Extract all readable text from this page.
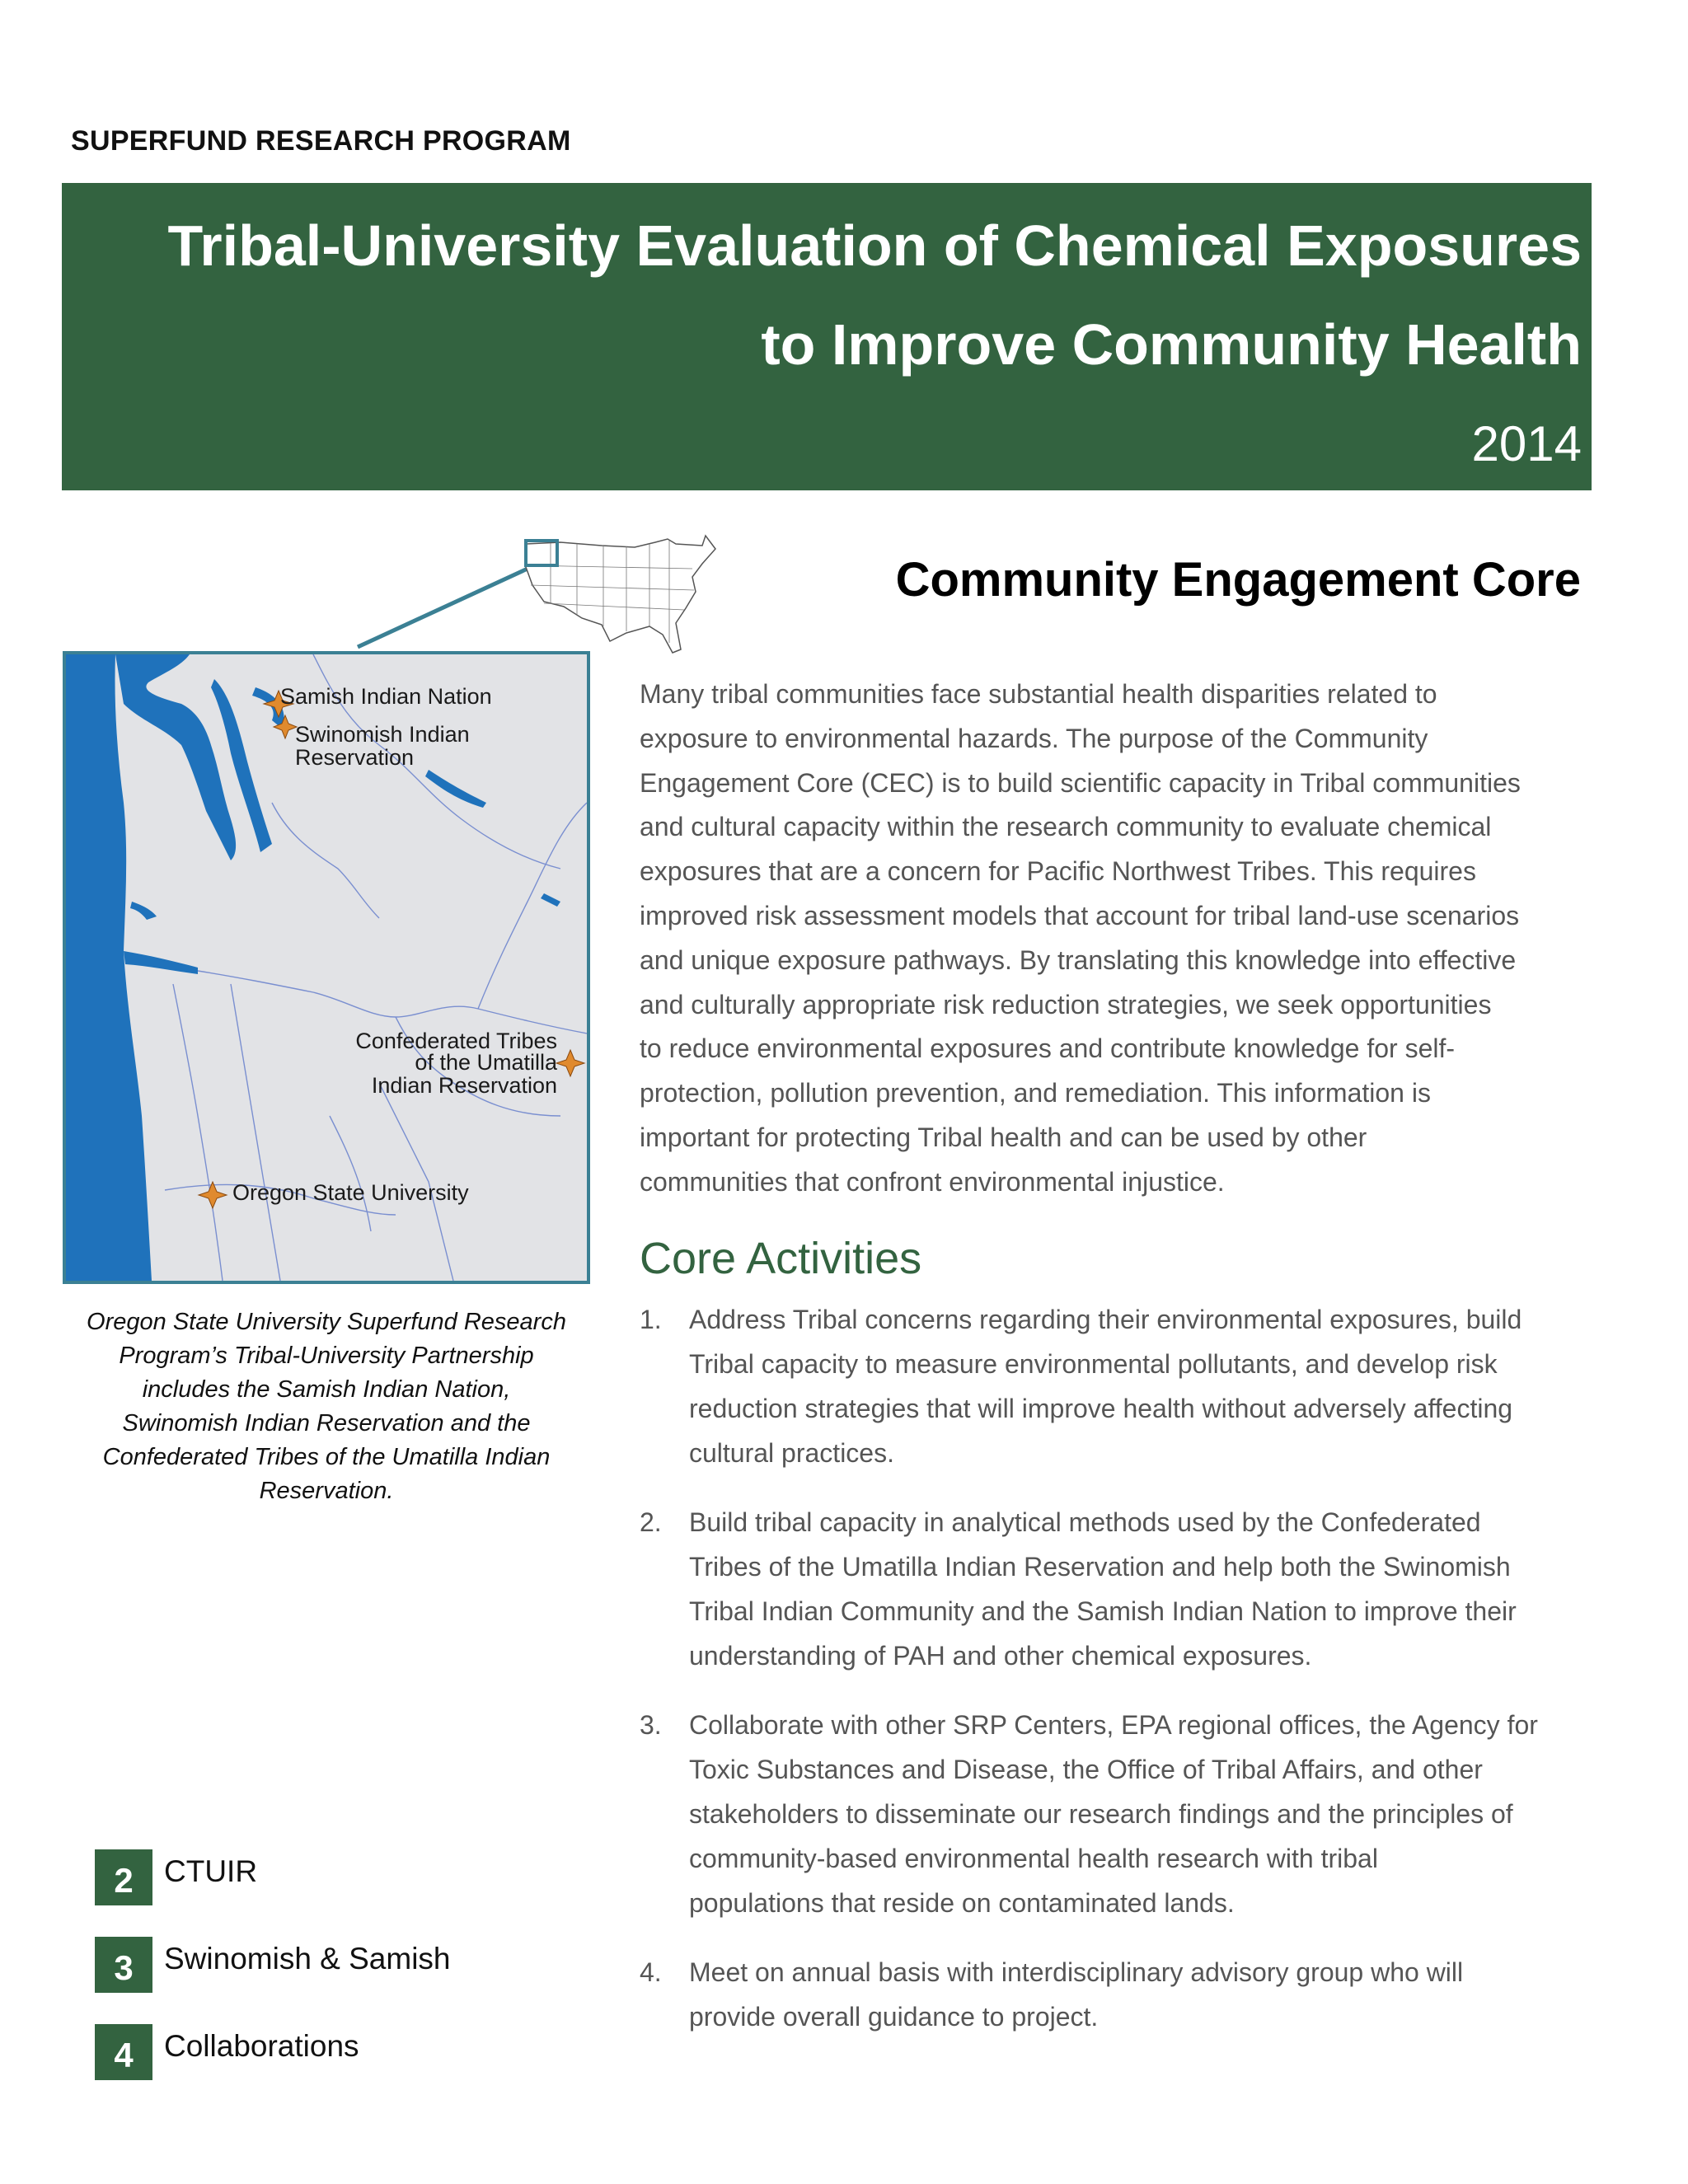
SUPERFUND RESEARCH PROGRAM
Tribal-University Evaluation of Chemical Exposures
to Improve Community Health
2014
Samish Indian Nation
Swinomish Indian
Reservation
Confederated Tribes
of the Umatilla
Indian Reservation
Oregon State University
Oregon State University Superfund Research
Program’s Tribal-University Partnership
includes the Samish Indian Nation,
Swinomish Indian Reservation and the
Confederated Tribes of the Umatilla Indian
Reservation.
Community Engagement Core
Many tribal communities face substantial health disparities related to
exposure to environmental hazards. The purpose of the Community
Engagement Core (CEC) is to build scientific capacity in Tribal communities
and cultural capacity within the research community to evaluate chemical
exposures that are a concern for Pacific Northwest Tribes. This requires
improved risk assessment models that account for tribal land-use scenarios
and unique exposure pathways. By translating this knowledge into effective
and culturally appropriate risk reduction strategies, we seek opportunities
to reduce environmental exposures and contribute knowledge for self-
protection, pollution prevention, and remediation. This information is
important for protecting Tribal health and can be used by other
communities that confront environmental injustice.
Core Activities
1. Address Tribal concerns regarding their environmental exposures, build
Tribal capacity to measure environmental pollutants, and develop risk
reduction strategies that will improve health without adversely affecting
cultural practices.
2. Build tribal capacity in analytical methods used by the Confederated
Tribes of the Umatilla Indian Reservation and help both the Swinomish
Tribal Indian Community and the Samish Indian Nation to improve their
understanding of PAH and other chemical exposures.
3. Collaborate with other SRP Centers, EPA regional offices, the Agency for
Toxic Substances and Disease, the Office of Tribal Affairs, and other
stakeholders to disseminate our research findings and the principles of
community-based environmental health research with tribal
populations that reside on contaminated lands.
4. Meet on annual basis with interdisciplinary advisory group who will
provide overall guidance to project.
2	CTUIR
3	Swinomish & Samish
4	Collaborations
